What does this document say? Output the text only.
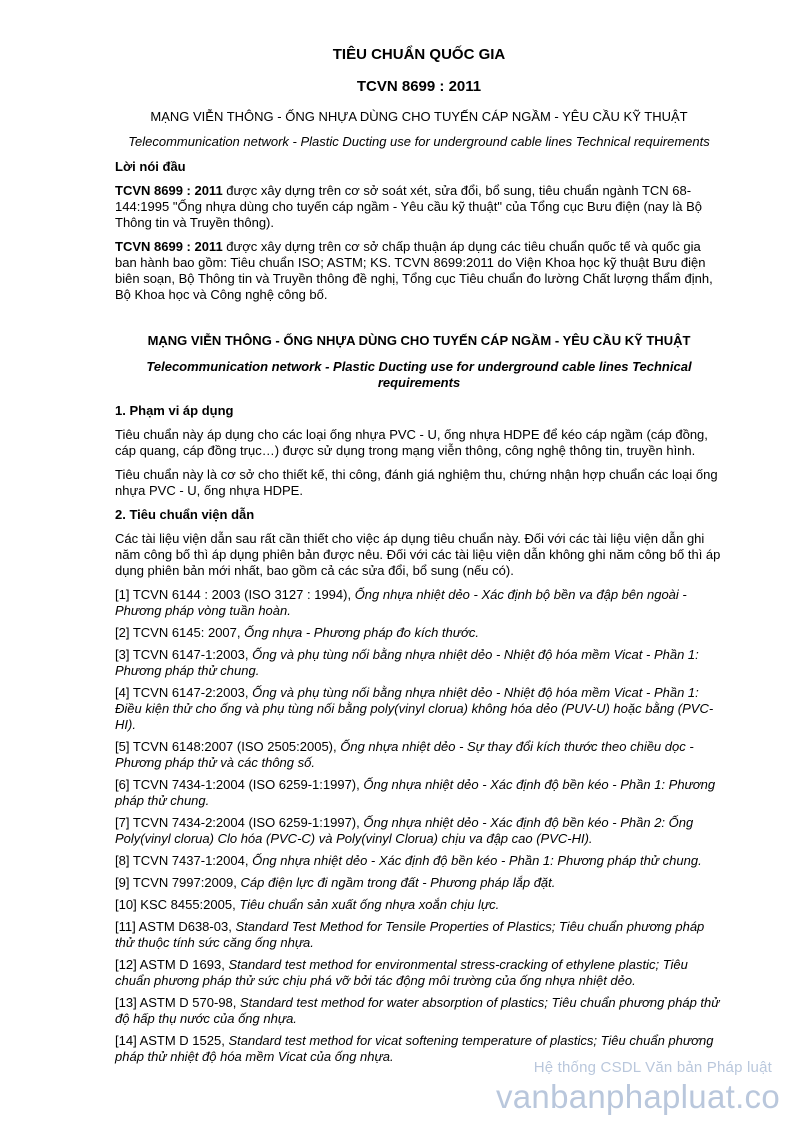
TIÊU CHUẨN QUỐC GIA
TCVN 8699 : 2011
MẠNG VIỄN THÔNG - ỐNG NHỰA DÙNG CHO TUYẾN CÁP NGẦM - YÊU CẦU KỸ THUẬT
Telecommunication network - Plastic Ducting use for underground cable lines Technical requirements
Lời nói đầu

TCVN 8699 : 2011 được xây dựng trên cơ sở soát xét, sửa đổi, bổ sung, tiêu chuẩn ngành TCN 68-144:1995 "Ống nhựa dùng cho tuyến cáp ngầm - Yêu cầu kỹ thuật" của Tổng cục Bưu điện (nay là Bộ Thông tin và Truyền thông).

TCVN 8699 : 2011 được xây dựng trên cơ sở chấp thuận áp dụng các tiêu chuẩn quốc tế và quốc gia ban hành bao gồm: Tiêu chuẩn ISO; ASTM; KS. TCVN 8699:2011 do Viện Khoa học kỹ thuật Bưu điện biên soạn, Bộ Thông tin và Truyền thông đề nghị, Tổng cục Tiêu chuẩn đo lường Chất lượng thẩm định, Bộ Khoa học và Công nghệ công bố.

MẠNG VIỄN THÔNG - ỐNG NHỰA DÙNG CHO TUYẾN CÁP NGẦM - YÊU CẦU KỸ THUẬT
Telecommunication network - Plastic Ducting use for underground cable lines Technical requirements
1. Phạm vi áp dụng

Tiêu chuẩn này áp dụng cho các loại ống nhựa PVC - U, ống nhựa HDPE để kéo cáp ngầm (cáp đồng, cáp quang, cáp đồng trục…) được sử dụng trong mạng viễn thông, công nghệ thông tin, truyền hình.

Tiêu chuẩn này là cơ sở cho thiết kế, thi công, đánh giá nghiệm thu, chứng nhận hợp chuẩn các loại ống nhựa PVC - U, ống nhựa HDPE.

2. Tiêu chuẩn viện dẫn

Các tài liệu viện dẫn sau rất cần thiết cho việc áp dụng tiêu chuẩn này. Đối với các tài liệu viện dẫn ghi năm công bố thì áp dụng phiên bản được nêu. Đối với các tài liệu viện dẫn không ghi năm công bố thì áp dụng phiên bản mới nhất, bao gồm cả các sửa đổi, bổ sung (nếu có).

[1] TCVN 6144 : 2003 (ISO 3127 : 1994), Ống nhựa nhiệt dẻo - Xác định bộ bền va đập bên ngoài - Phương pháp vòng tuần hoàn.

[2] TCVN 6145: 2007, Ống nhựa - Phương pháp đo kích thước.

[3] TCVN 6147-1:2003, Ống và phụ tùng nối bằng nhựa nhiệt dẻo - Nhiệt độ hóa mềm Vicat - Phần 1: Phương pháp thử chung.

[4] TCVN 6147-2:2003, Ống và phụ tùng nối bằng nhựa nhiệt dẻo - Nhiệt độ hóa mềm Vicat - Phần 1: Điều kiện thử cho ống và phụ tùng nối bằng poly(vinyl clorua) không hóa dẻo (PUV-U) hoặc bằng (PVC-HI).

[5] TCVN 6148:2007 (ISO 2505:2005), Ống nhựa nhiệt dẻo - Sự thay đổi kích thước theo chiều dọc - Phương pháp thử và các thông số.

[6] TCVN 7434-1:2004 (ISO 6259-1:1997), Ống nhựa nhiệt dẻo - Xác định độ bền kéo - Phần 1: Phương pháp thử chung.

[7] TCVN 7434-2:2004 (ISO 6259-1:1997), Ống nhựa nhiệt dẻo - Xác định độ bền kéo - Phần 2: Ống Poly(vinyl clorua) Clo hóa (PVC-C) và Poly(vinyl Clorua) chịu va đập cao (PVC-HI).

[8] TCVN 7437-1:2004, Ống nhựa nhiệt dẻo - Xác định độ bền kéo - Phần 1: Phương pháp thử chung.

[9] TCVN 7997:2009, Cáp điện lực đi ngầm trong đất - Phương pháp lắp đặt.

[10] KSC 8455:2005, Tiêu chuẩn sản xuất ống nhựa xoắn chịu lực.

[11] ASTM D638-03, Standard Test Method for Tensile Properties of Plastics; Tiêu chuẩn phương pháp thử thuộc tính sức căng ống nhựa.

[12] ASTM D 1693, Standard test method for environmental stress-cracking of ethylene plastic; Tiêu chuẩn phương pháp thử sức chịu phá vỡ bởi tác động môi trường của ống nhựa nhiệt dẻo.

[13] ASTM D 570-98, Standard test method for water absorption of plastics; Tiêu chuẩn phương pháp thử độ hấp thụ nước của ống nhựa.

[14] ASTM D 1525, Standard test method for vicat softening temperature of plastics; Tiêu chuẩn phương pháp thử nhiệt độ hóa mềm Vicat của ống nhựa.

Hệ thống CSDL Văn bản Pháp luật
vanbanphapluat.co
